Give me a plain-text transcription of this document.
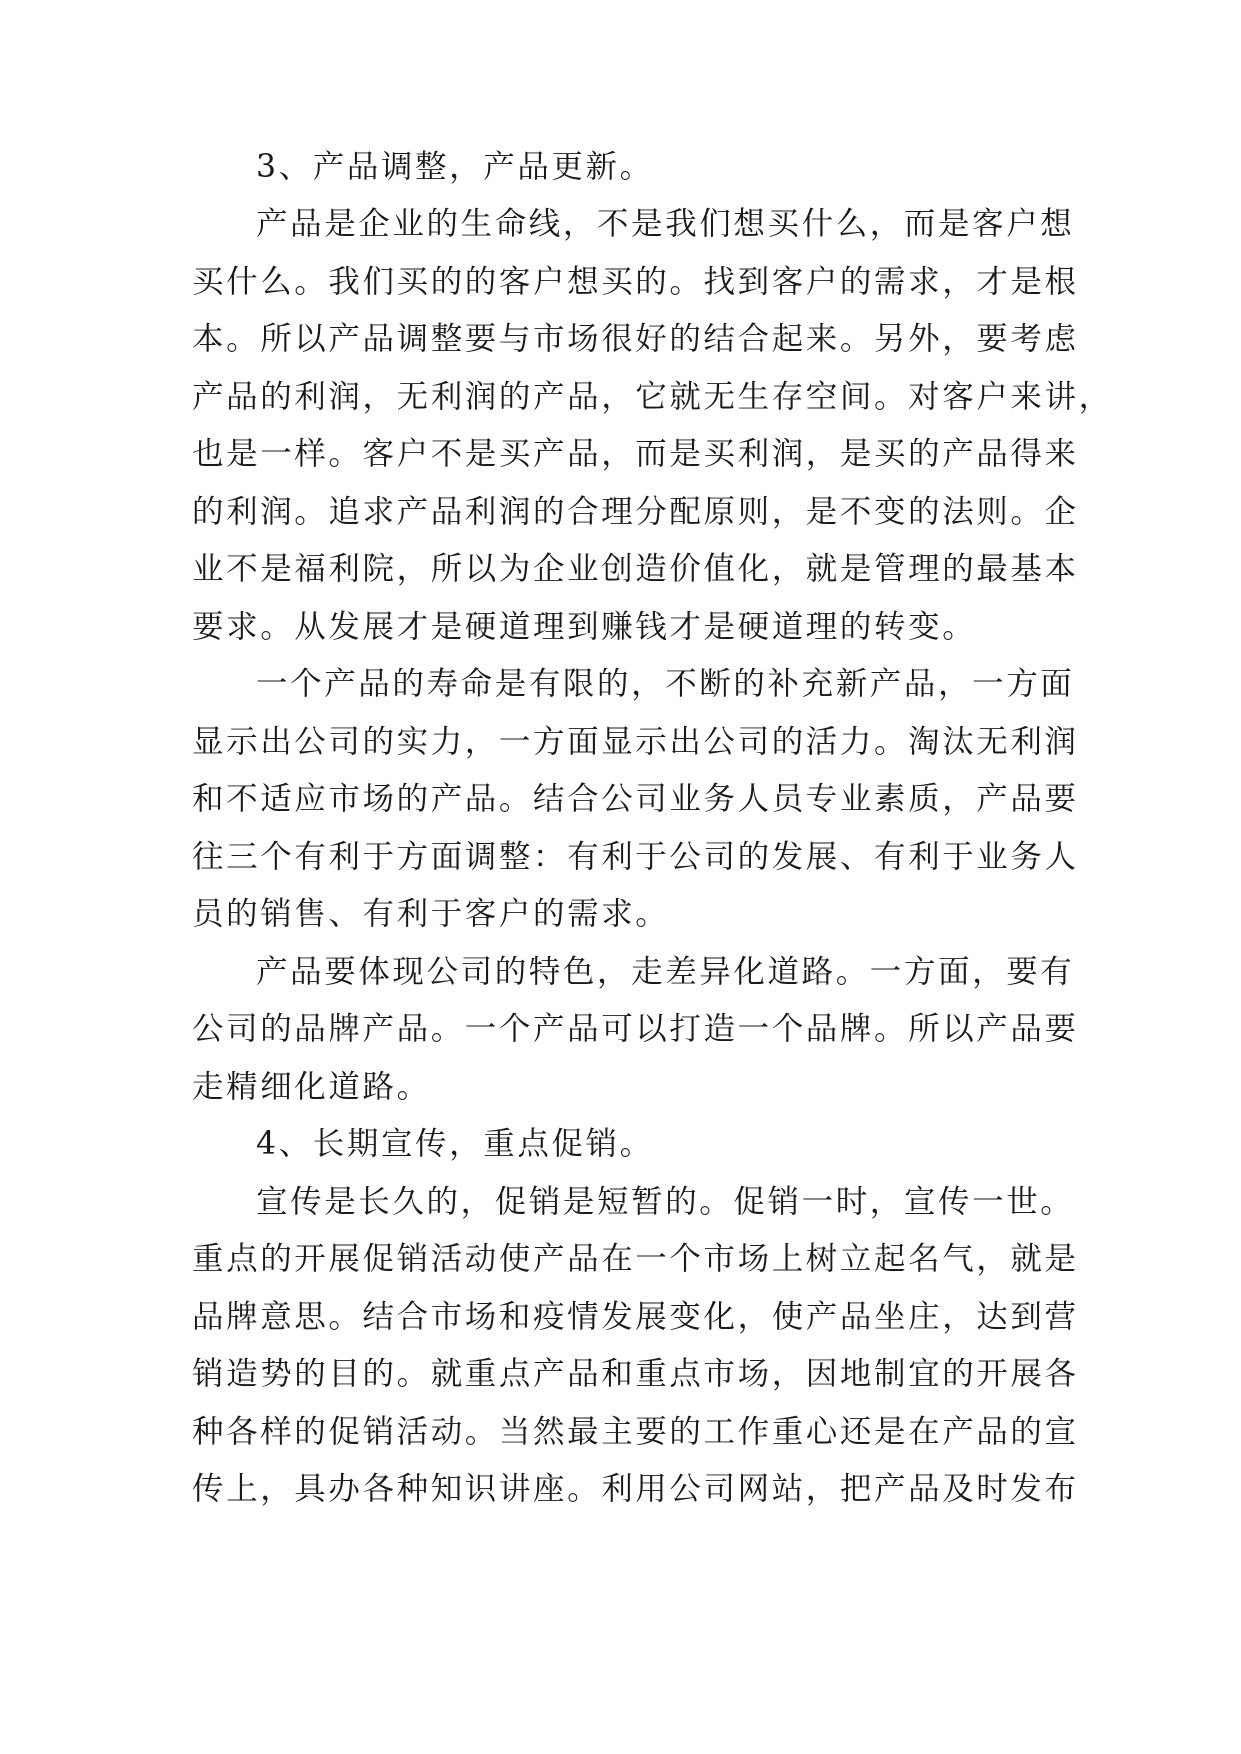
3、产品调整，产品更新。
产品是企业的生命线，不是我们想买什么，而是客户想
买什么。我们买的的客户想买的。找到客户的需求，才是根
本。所以产品调整要与市场很好的结合起来。另外，要考虑
产品的利润，无利润的产品，它就无生存空间。对客户来讲，
也是一样。客户不是买产品，而是买利润，是买的产品得来
的利润。追求产品利润的合理分配原则，是不变的法则。企
业不是福利院，所以为企业创造价值化，就是管理的最基本
要求。从发展才是硬道理到赚钱才是硬道理的转变。
一个产品的寿命是有限的，不断的补充新产品，一方面
显示出公司的实力，一方面显示出公司的活力。淘汰无利润
和不适应市场的产品。结合公司业务人员专业素质，产品要
往三个有利于方面调整：有利于公司的发展、有利于业务人
员的销售、有利于客户的需求。
产品要体现公司的特色，走差异化道路。一方面，要有
公司的品牌产品。一个产品可以打造一个品牌。所以产品要
走精细化道路。
4、长期宣传，重点促销。
宣传是长久的，促销是短暂的。促销一时，宣传一世。
重点的开展促销活动使产品在一个市场上树立起名气，就是
品牌意思。结合市场和疫情发展变化，使产品坐庄，达到营
销造势的目的。就重点产品和重点市场，因地制宜的开展各
种各样的促销活动。当然最主要的工作重心还是在产品的宣
传上，具办各种知识讲座。利用公司网站，把产品及时发布
